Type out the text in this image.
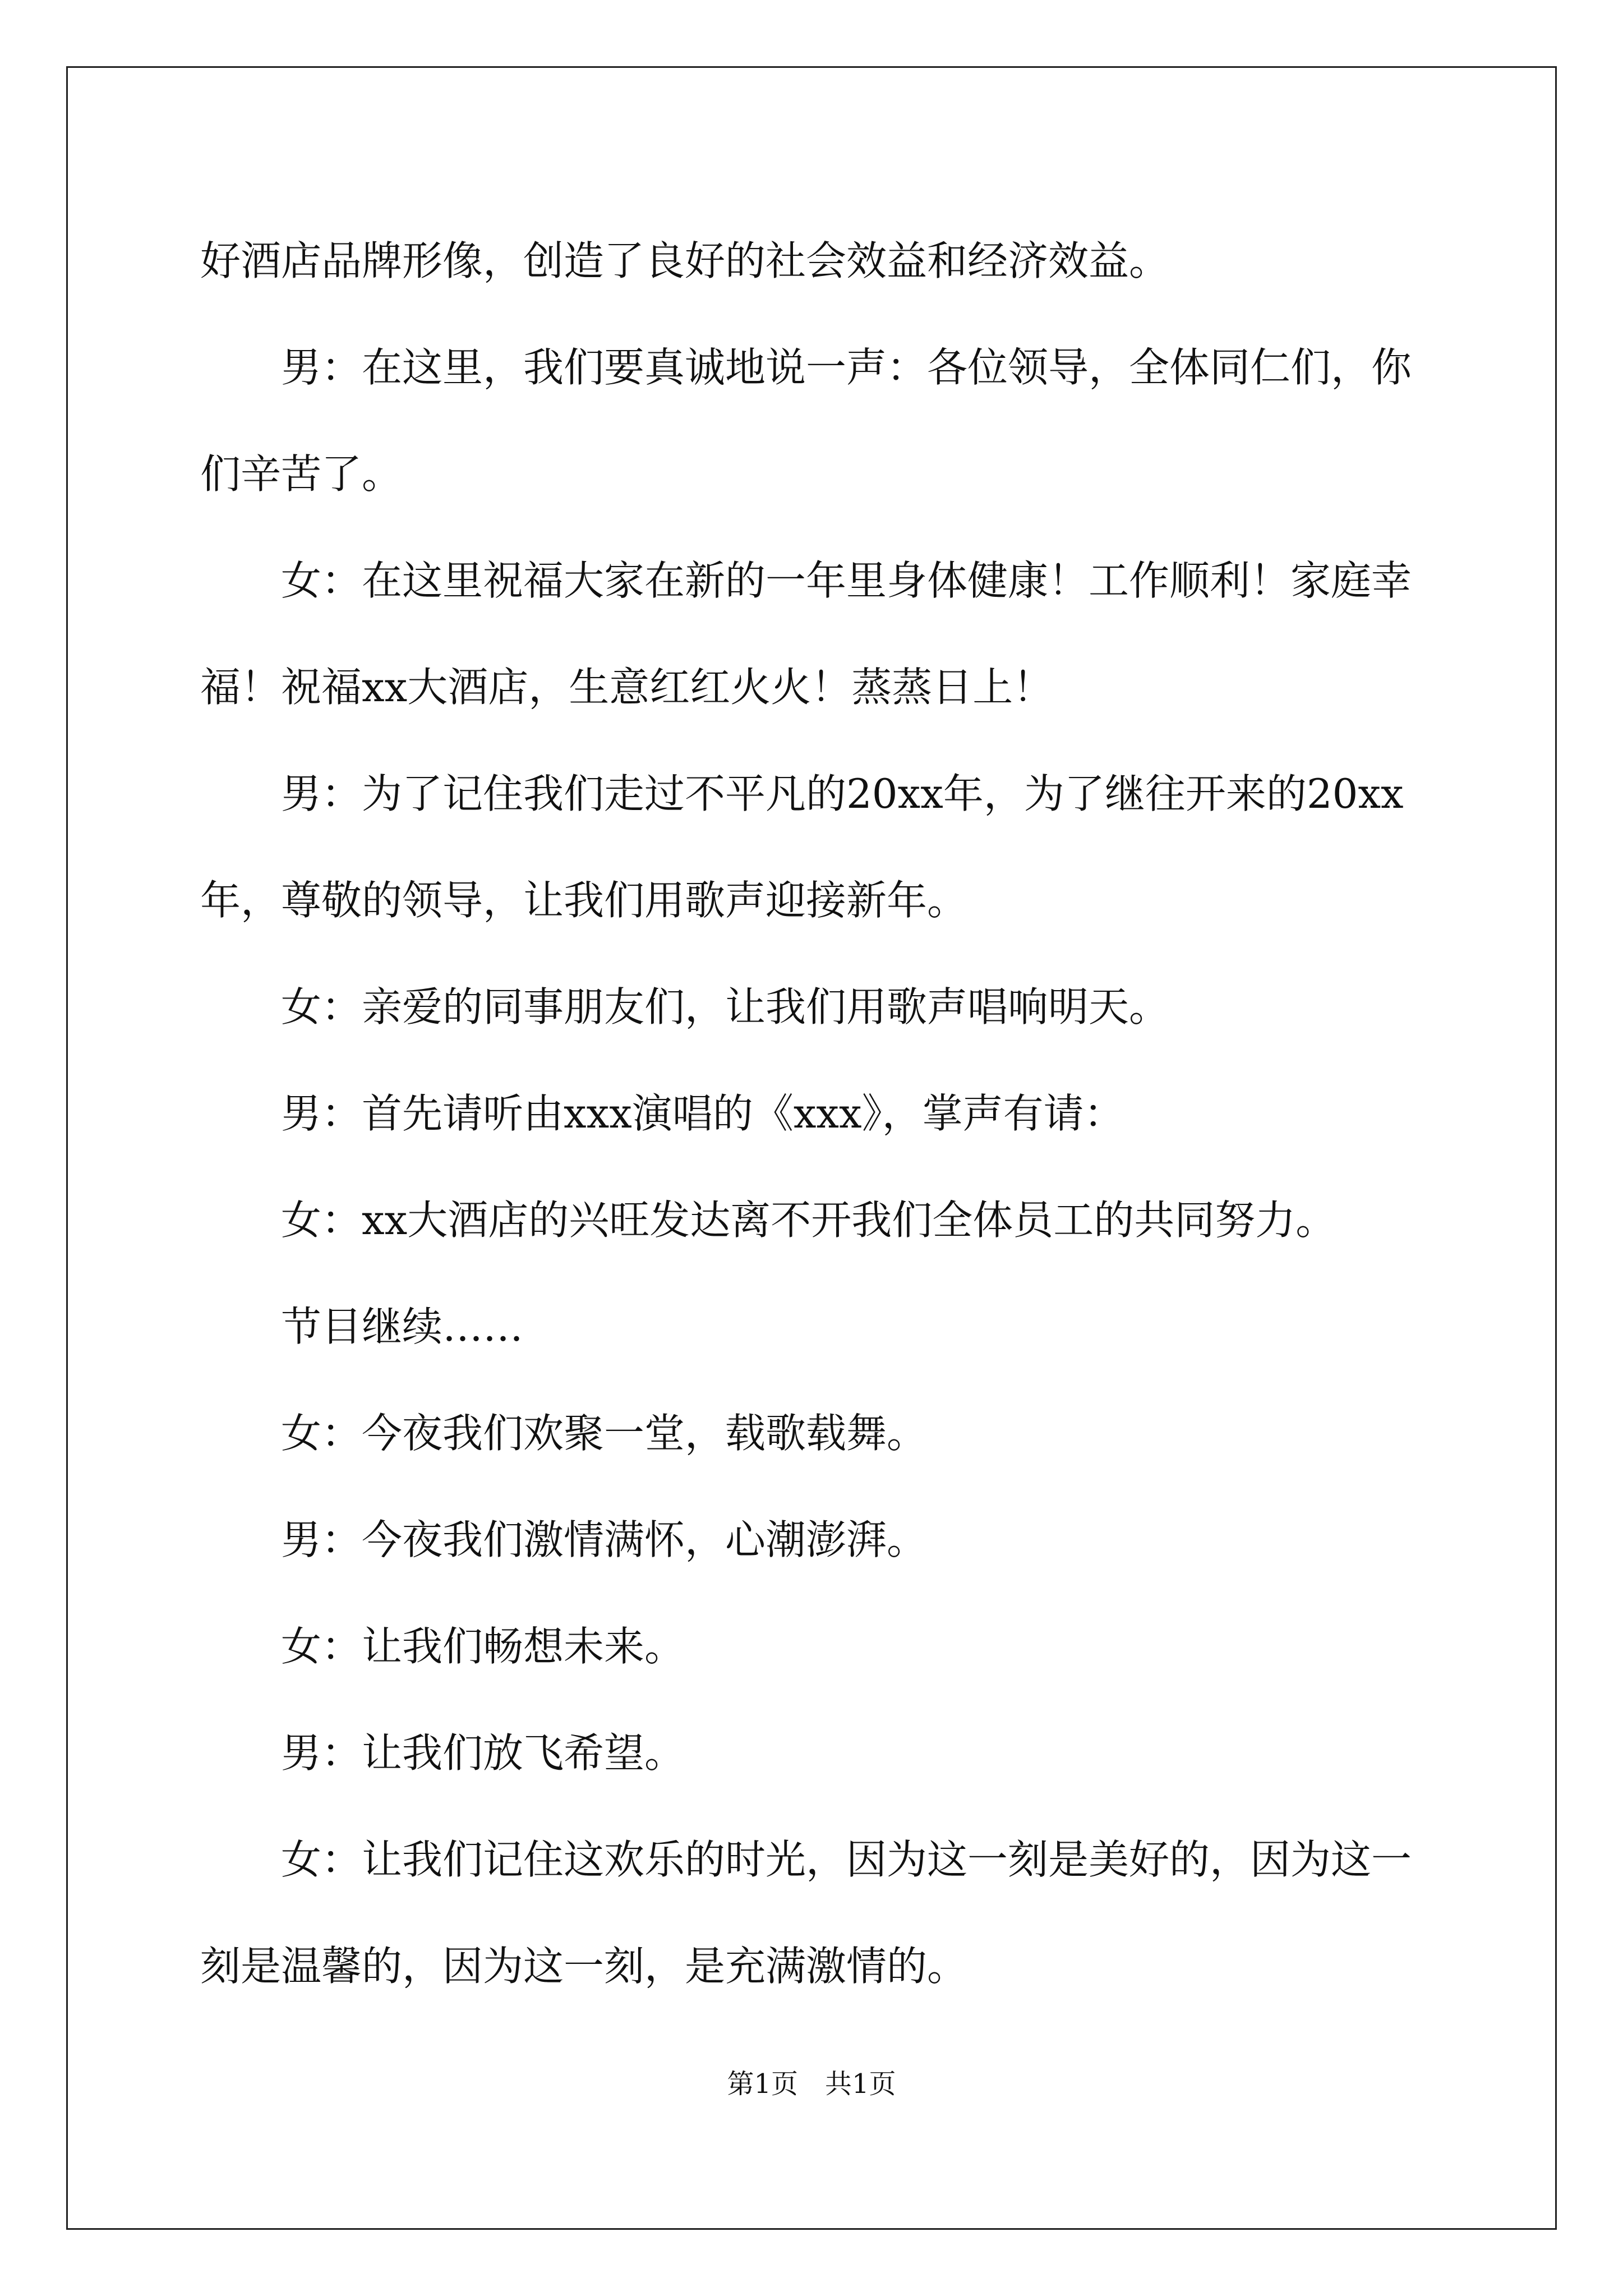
好酒店品牌形像，创造了良好的社会效益和经济效益。

男：在这里，我们要真诚地说一声：各位领导，全体同仁们，你们辛苦了。

女：在这里祝福大家在新的一年里身体健康！工作顺利！家庭幸福！祝福xx大酒店，生意红红火火！蒸蒸日上！

男：为了记住我们走过不平凡的20xx年，为了继往开来的20xx年，尊敬的领导，让我们用歌声迎接新年。

女：亲爱的同事朋友们，让我们用歌声唱响明天。

男：首先请听由xxx演唱的《xxx》，掌声有请：

女：xx大酒店的兴旺发达离不开我们全体员工的共同努力。

节目继续……

女：今夜我们欢聚一堂，载歌载舞。

男：今夜我们激情满怀，心潮澎湃。

女：让我们畅想未来。

男：让我们放飞希望。

女：让我们记住这欢乐的时光，因为这一刻是美好的，因为这一刻是温馨的，因为这一刻，是充满激情的。

第1页　共1页
